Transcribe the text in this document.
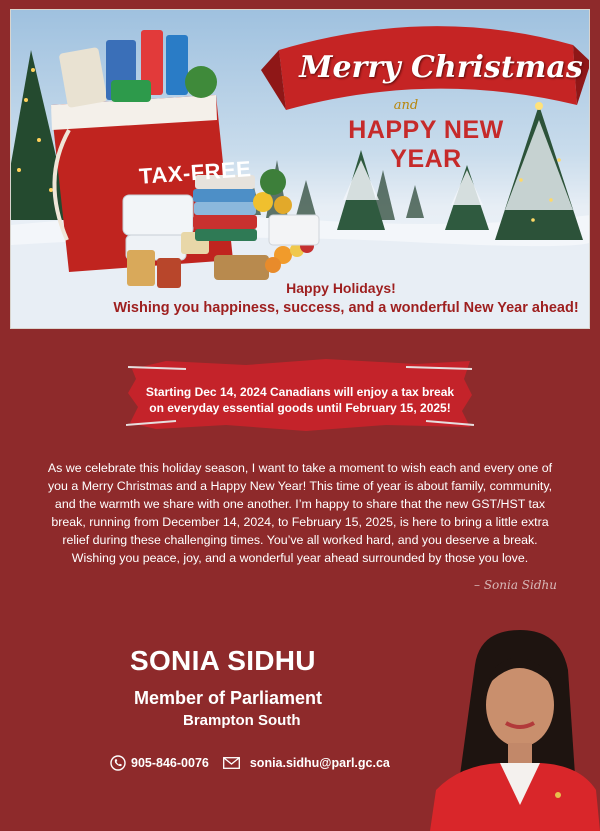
Merry Christmas
and
HAPPY NEW YEAR
TAX-FREE
Happy Holidays!
Wishing you happiness, success, and a wonderful New Year ahead!
Starting Dec 14, 2024 Canadians will enjoy a tax break
on everyday essential goods until February 15, 2025!
As we celebrate this holiday season, I want to take a moment to wish each and every one of
you a Merry Christmas and a Happy New Year! This time of year is about family, community,
and the warmth we share with one another. I’m happy to share that the new GST/HST tax
break, running from December 14, 2024, to February 15, 2025, is here to bring a little extra
relief during these challenging times. You’ve all worked hard, and you deserve a break.
Wishing you peace, joy, and a wonderful year ahead surrounded by those you love.
– Sonia Sidhu
SONIA SIDHU
Member of Parliament
Brampton South
905-846-0076	sonia.sidhu@parl.gc.ca
